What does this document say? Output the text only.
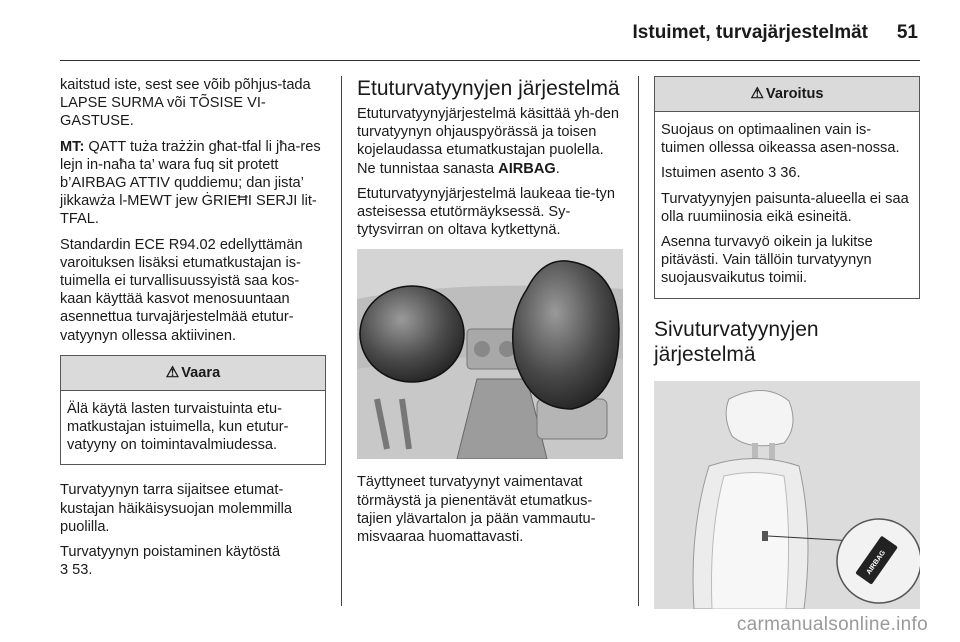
Istuimet, turvajärjestelmät 51

kaitstud iste, sest see võib põhjus-tada LAPSE SURMA või TÕSISE VI-GASTUSE.

MT: QATT tuża trażżin għat-tfal li jħa-res lejn in-naħa ta’ wara fuq sit protett b’AIRBAG ATTIV quddiemu; dan jista’ jikkawża l-MEWT jew ĠRIEĦI SERJI lit-TFAL.

Standardin ECE R94.02 edellyttämän varoituksen lisäksi etumatkustajan is-tuimella ei turvallisuussyistä saa kos-kaan käyttää kasvot menosuuntaan asennettua turvajärjestelmää etutur-vatyynyn ollessa aktiivinen.

⚠ Vaara

Älä käytä lasten turvaistuinta etu-matkustajan istuimella, kun etutur-vatyyny on toimintavalmiudessa.

Turvatyynyn tarra sijaitsee etumat-kustajan häikäisysuojan molemmilla puolilla.

Turvatyynyn poistaminen käytöstä
3 53.

Etuturvatyynyjen järjestelmä

Etuturvatyynyjärjestelmä käsittää yh-den turvatyynyn ohjauspyörässä ja toisen kojelaudassa etumatkustajan puolella. Ne tunnistaa sanasta AIRBAG.

Etuturvatyynyjärjestelmä laukeaa tie-tyn asteisessa etutörmäyksessä. Sy-tytysvirran on oltava kytkettynä.

Täyttyneet turvatyynyt vaimentavat törmäystä ja pienentävät etumatkus-tajien ylävartalon ja pään vammautu-misvaaraa huomattavasti.

⚠ Varoitus

Suojaus on optimaalinen vain is-tuimen ollessa oikeassa asen-nossa.

Istuimen asento 3 36.

Turvatyynyjen paisunta-alueella ei saa olla ruumiinosia eikä esineitä.

Asenna turvavyö oikein ja lukitse pitävästi. Vain tällöin turvatyynyn suojausvaikutus toimii.

Sivuturvatyynyjen järjestelmä
AIRBAG
carmanualsonline.info
